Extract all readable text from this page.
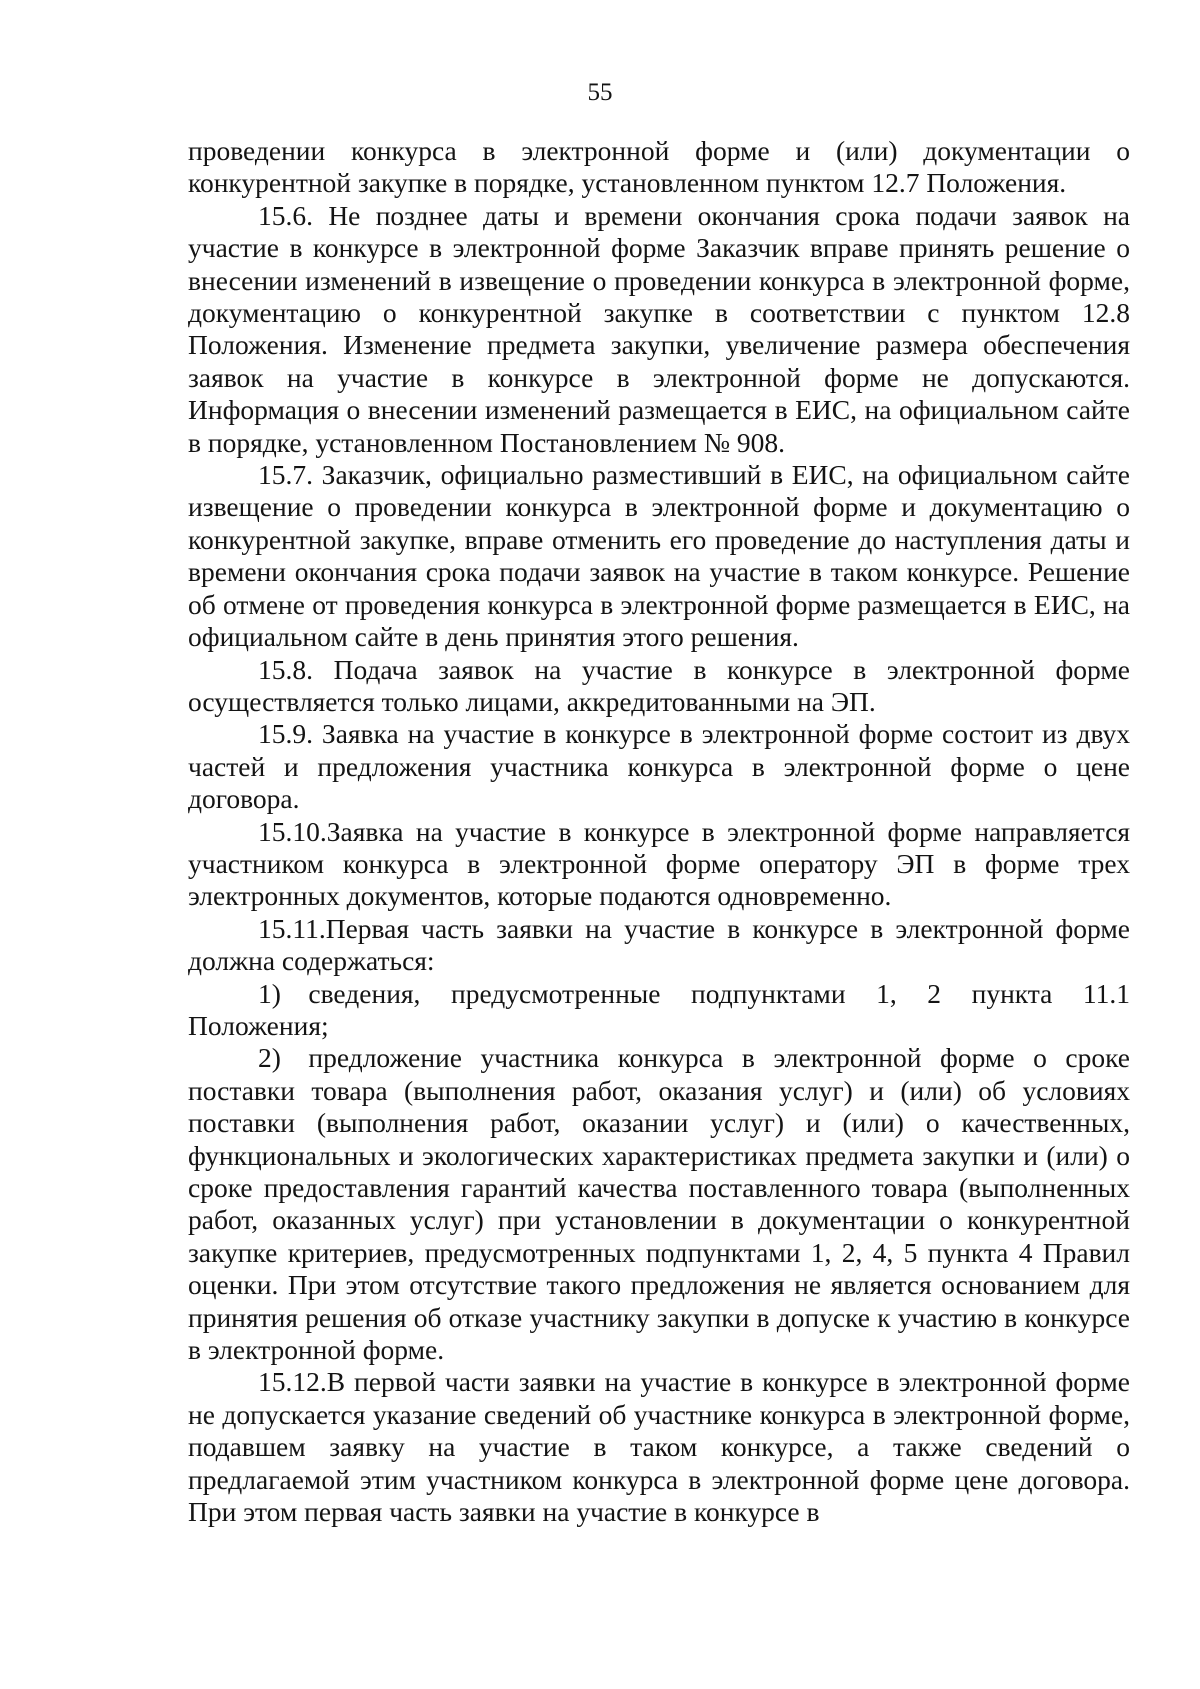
55

проведении конкурса в электронной форме и (или) документации о конкурентной закупке в порядке, установленном пунктом 12.7 Положения.

15.6. Не позднее даты и времени окончания срока подачи заявок на участие в конкурсе в электронной форме Заказчик вправе принять решение о внесении изменений в извещение о проведении конкурса в электронной форме, документацию о конкурентной закупке в соответствии с пунктом 12.8 Положения. Изменение предмета закупки, увеличение размера обеспечения заявок на участие в конкурсе в электронной форме не допускаются. Информация о внесении изменений размещается в ЕИС, на официальном сайте в порядке, установленном Постановлением № 908.

15.7. Заказчик, официально разместивший в ЕИС, на официальном сайте извещение о проведении конкурса в электронной форме и документацию о конкурентной закупке, вправе отменить его проведение до наступления даты и времени окончания срока подачи заявок на участие в таком конкурсе. Решение об отмене от проведения конкурса в электронной форме размещается в ЕИС, на официальном сайте в день принятия этого решения.

15.8. Подача заявок на участие в конкурсе в электронной форме осуществляется только лицами, аккредитованными на ЭП.

15.9. Заявка на участие в конкурсе в электронной форме состоит из двух частей и предложения участника конкурса в электронной форме о цене договора.

15.10.Заявка на участие в конкурсе в электронной форме направляется участником конкурса в электронной форме оператору ЭП в форме трех электронных документов, которые подаются одновременно.

15.11.Первая часть заявки на участие в конкурсе в электронной форме должна содержаться:

1) сведения, предусмотренные подпунктами 1, 2 пункта 11.1 Положения;

2) предложение участника конкурса в электронной форме о сроке поставки товара (выполнения работ, оказания услуг) и (или) об условиях поставки (выполнения работ, оказании услуг) и (или) о качественных, функциональных и экологических характеристиках предмета закупки и (или) о сроке предоставления гарантий качества поставленного товара (выполненных работ, оказанных услуг) при установлении в документации о конкурентной закупке критериев, предусмотренных подпунктами 1, 2, 4, 5 пункта 4 Правил оценки. При этом отсутствие такого предложения не является основанием для принятия решения об отказе участнику закупки в допуске к участию в конкурсе в электронной форме.

15.12.В первой части заявки на участие в конкурсе в электронной форме не допускается указание сведений об участнике конкурса в электронной форме, подавшем заявку на участие в таком конкурсе, а также сведений о предлагаемой этим участником конкурса в электронной форме цене договора. При этом первая часть заявки на участие в конкурсе в
